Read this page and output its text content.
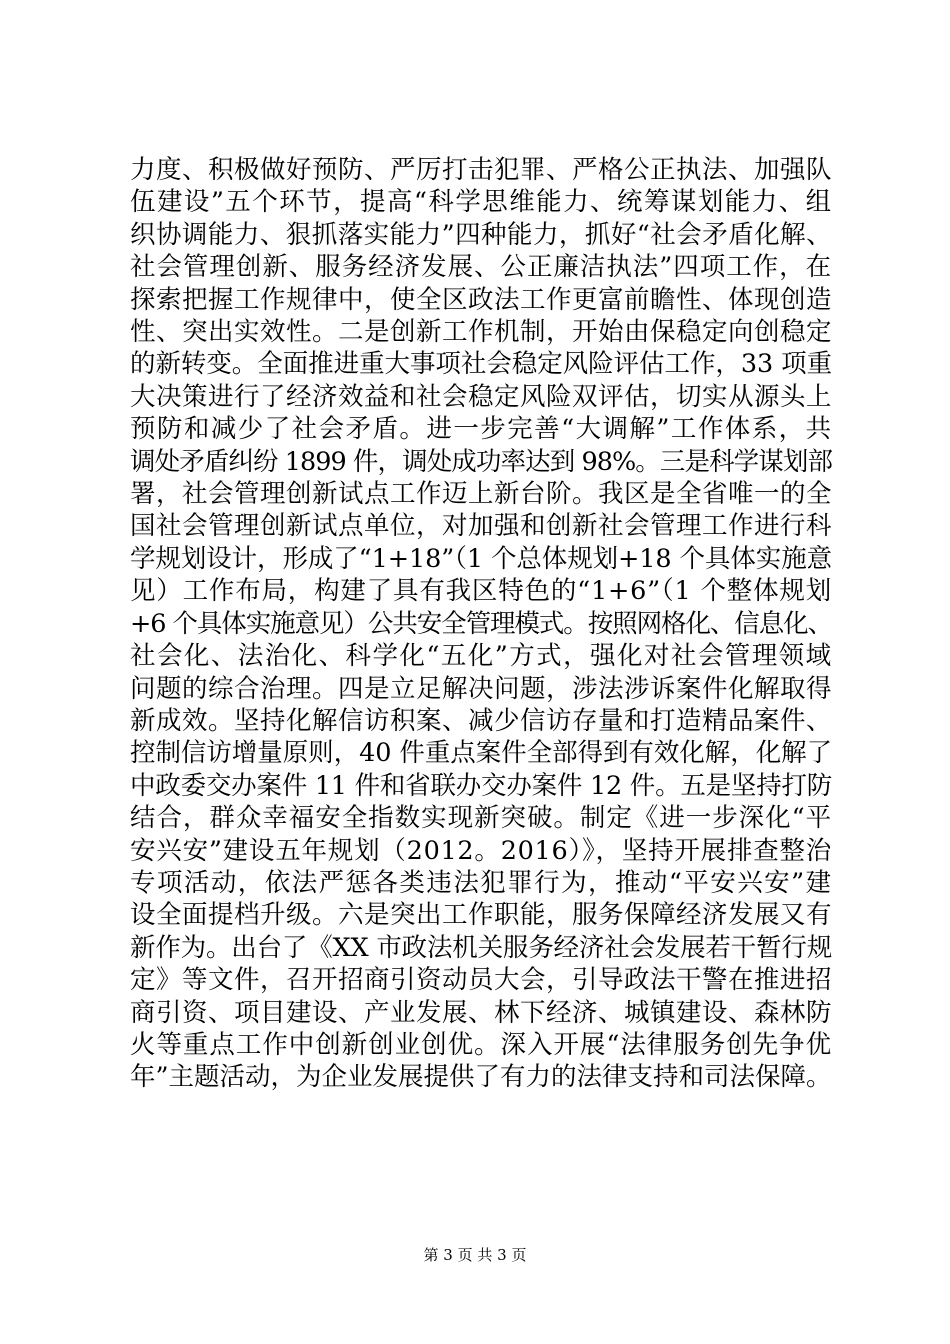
力度、积极做好预防、严厉打击犯罪、严格公正执法、加强队
伍建设”五个环节，提高“科学思维能力、统筹谋划能力、组
织协调能力、狠抓落实能力”四种能力，抓好“社会矛盾化解、
社会管理创新、服务经济发展、公正廉洁执法”四项工作，在
探索把握工作规律中，使全区政法工作更富前瞻性、体现创造
性、突出实效性。二是创新工作机制，开始由保稳定向创稳定
的新转变。全面推进重大事项社会稳定风险评估工作，33 项重
大决策进行了经济效益和社会稳定风险双评估，切实从源头上
预防和减少了社会矛盾。进一步完善“大调解”工作体系，共
调处矛盾纠纷 1899 件，调处成功率达到 98%。三是科学谋划部
署，社会管理创新试点工作迈上新台阶。我区是全省唯一的全
国社会管理创新试点单位，对加强和创新社会管理工作进行科
学规划设计，形成了“1+18”（1 个总体规划+18 个具体实施意
见）工作布局，构建了具有我区特色的“1+6”（1 个整体规划
+6 个具体实施意见）公共安全管理模式。按照网格化、信息化、
社会化、法治化、科学化“五化”方式，强化对社会管理领域
问题的综合治理。四是立足解决问题，涉法涉诉案件化解取得
新成效。坚持化解信访积案、减少信访存量和打造精品案件、
控制信访增量原则，40 件重点案件全部得到有效化解，化解了
中政委交办案件 11 件和省联办交办案件 12 件。五是坚持打防
结合，群众幸福安全指数实现新突破。制定《进一步深化“平
安兴安”建设五年规划（2012。2016）》，坚持开展排查整治
专项活动，依法严惩各类违法犯罪行为，推动“平安兴安”建
设全面提档升级。六是突出工作职能，服务保障经济发展又有
新作为。出台了《XX 市政法机关服务经济社会发展若干暂行规
定》等文件，召开招商引资动员大会，引导政法干警在推进招
商引资、项目建设、产业发展、林下经济、城镇建设、森林防
火等重点工作中创新创业创优。深入开展“法律服务创先争优
年”主题活动，为企业发展提供了有力的法律支持和司法保障。
第 3 页 共 3 页
